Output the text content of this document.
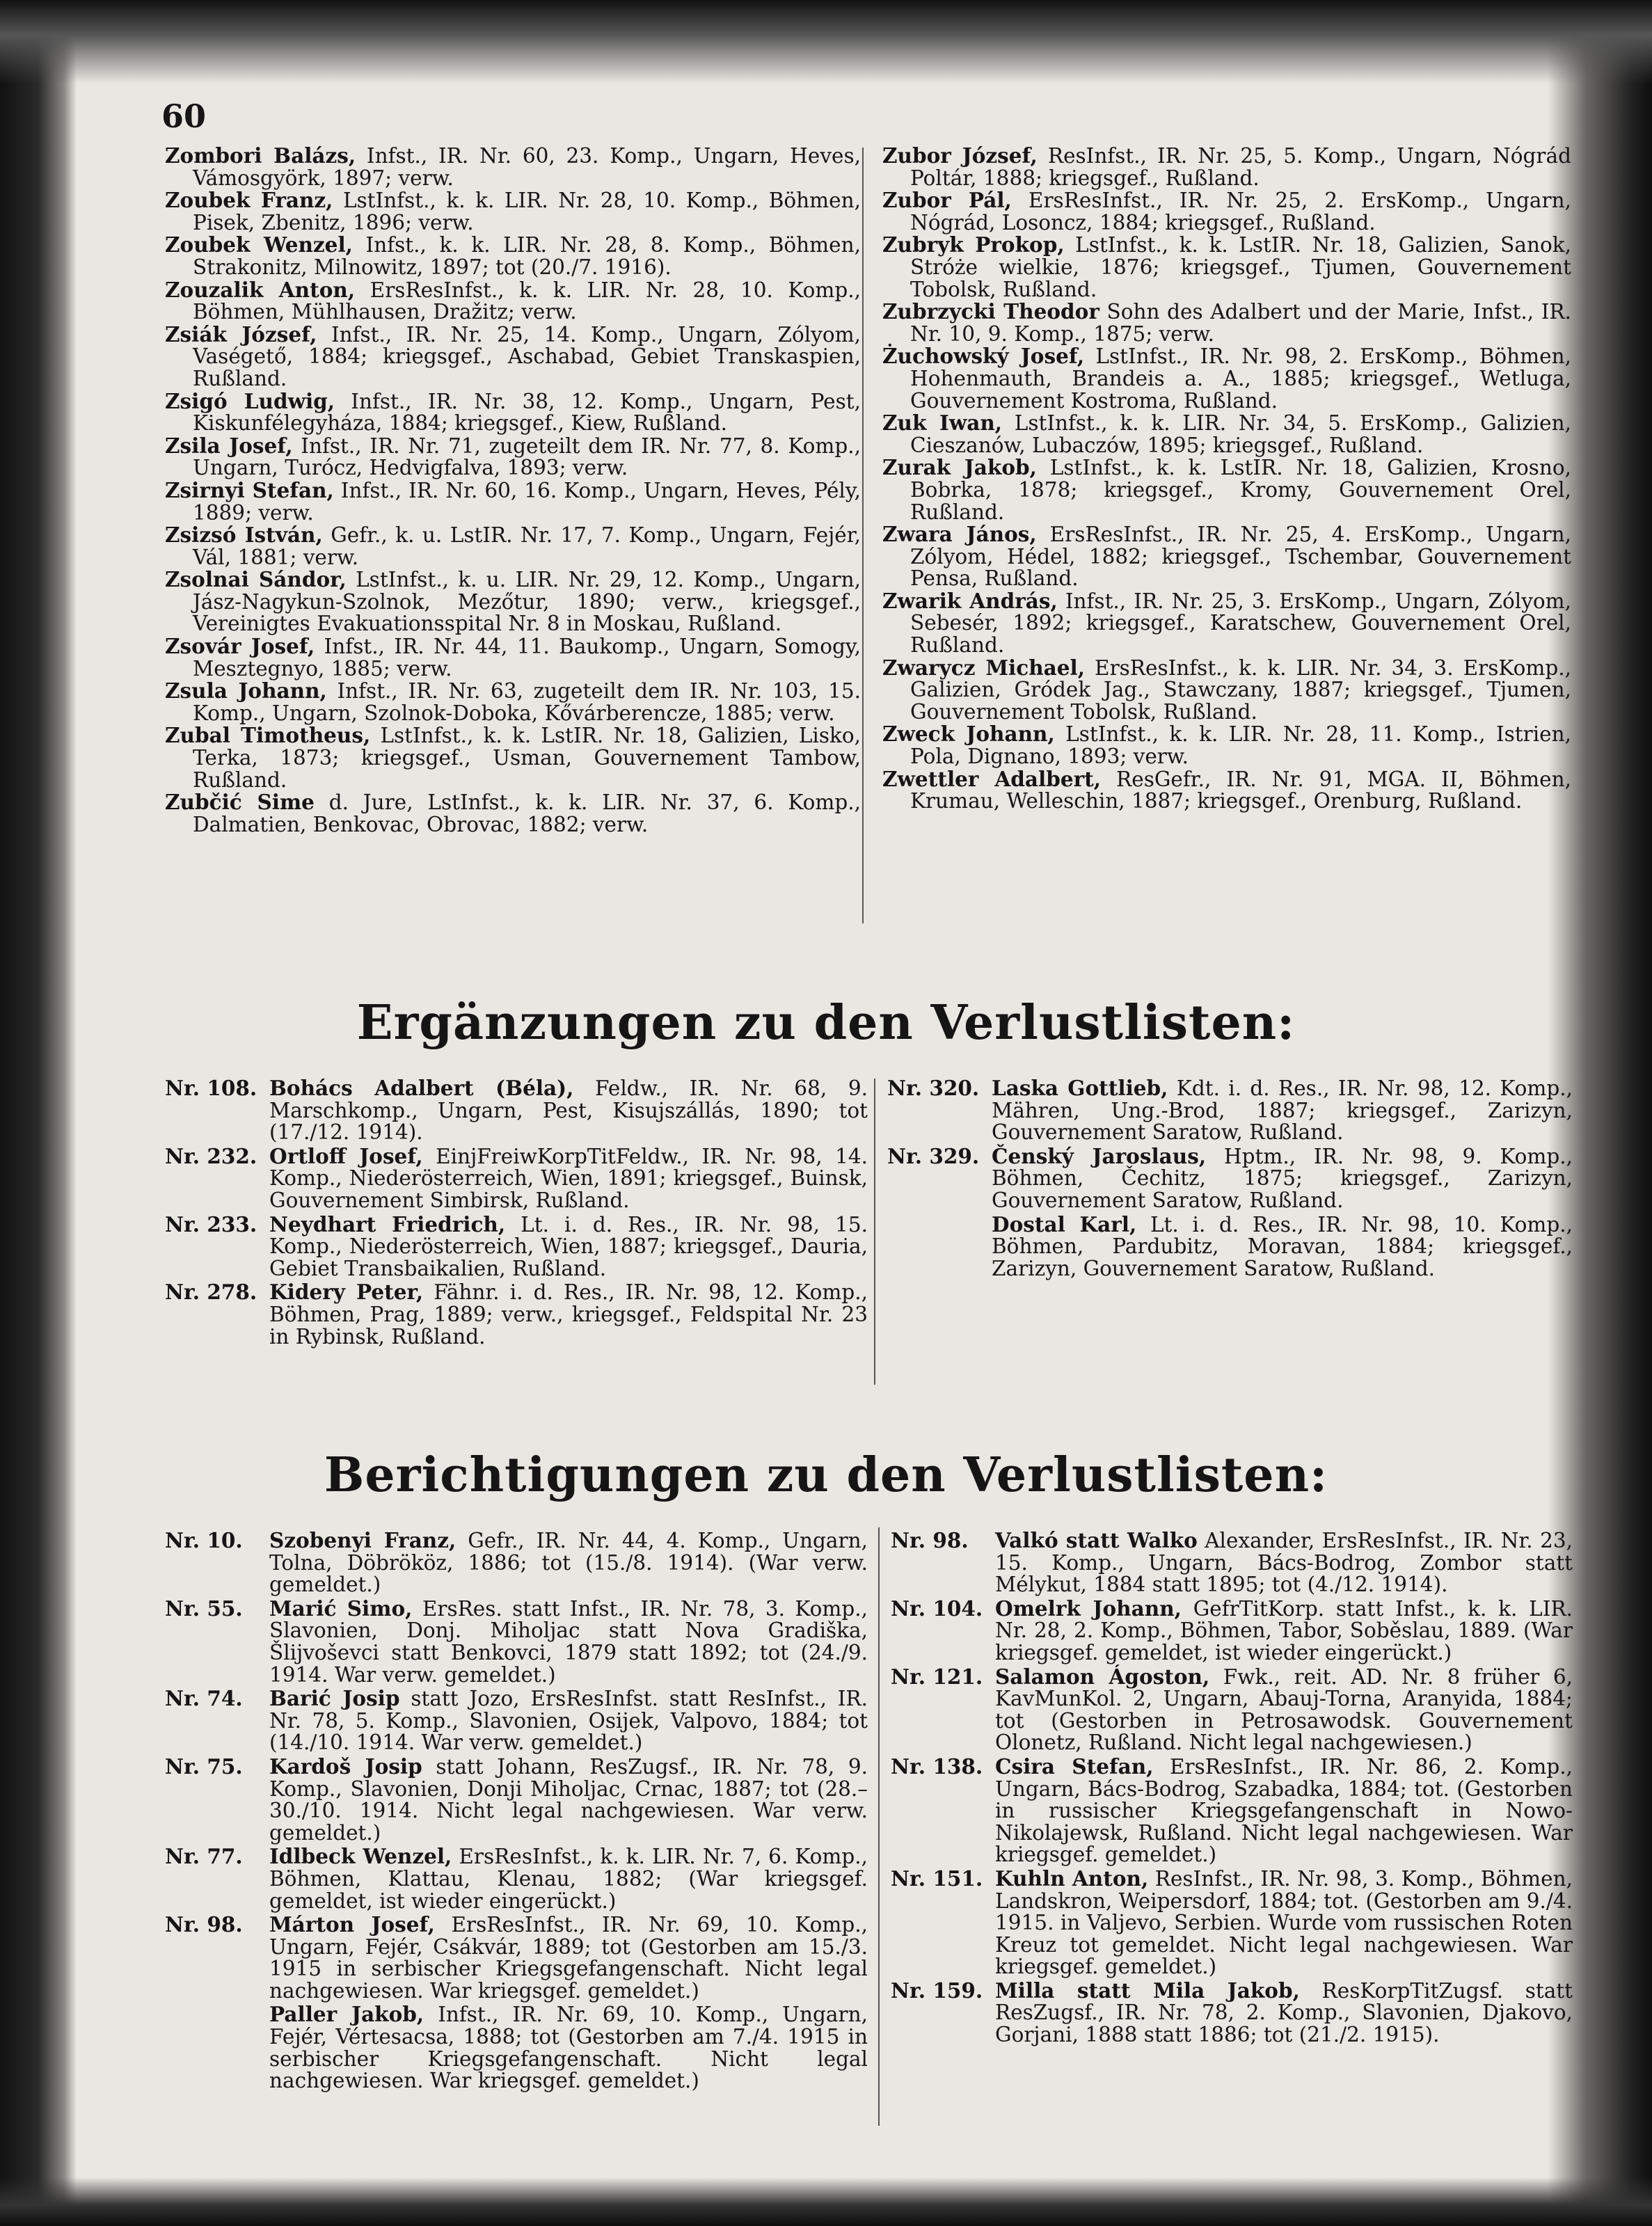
60
Zombori Balázs, Infst., IR. Nr. 60, 23. Komp., Ungarn, Heves, Vámosgyörk, 1897; verw.
Zoubek Franz, LstInfst., k. k. LIR. Nr. 28, 10. Komp., Böhmen, Pisek, Zbenitz, 1896; verw.
Zoubek Wenzel, Infst., k. k. LIR. Nr. 28, 8. Komp., Böhmen, Strakonitz, Milnowitz, 1897; tot (20./7. 1916).
Zouzalik Anton, ErsResInfst., k. k. LIR. Nr. 28, 10. Komp., Böhmen, Mühlhausen, Dražitz; verw.
Zsiák József, Infst., IR. Nr. 25, 14. Komp., Ungarn, Zólyom, Vaségető, 1884; kriegsgef., Aschabad, Gebiet Transkaspien, Rußland.
Zsigó Ludwig, Infst., IR. Nr. 38, 12. Komp., Ungarn, Pest, Kiskunfélegyháza, 1884; kriegsgef., Kiew, Rußland.
Zsila Josef, Infst., IR. Nr. 71, zugeteilt dem IR. Nr. 77, 8. Komp., Ungarn, Turócz, Hedvigfalva, 1893; verw.
Zsirnyi Stefan, Infst., IR. Nr. 60, 16. Komp., Ungarn, Heves, Pély, 1889; verw.
Zsizsó István, Gefr., k. u. LstIR. Nr. 17, 7. Komp., Ungarn, Fejér, Vál, 1881; verw.
Zsolnai Sándor, LstInfst., k. u. LIR. Nr. 29, 12. Komp., Ungarn, Jász-Nagykun-Szolnok, Mezőtur, 1890; verw., kriegsgef., Vereinigtes Evakuationsspital Nr. 8 in Moskau, Rußland.
Zsovár Josef, Infst., IR. Nr. 44, 11. Baukomp., Ungarn, Somogy, Mesztegnyo, 1885; verw.
Zsula Johann, Infst., IR. Nr. 63, zugeteilt dem IR. Nr. 103, 15. Komp., Ungarn, Szolnok-Doboka, Kővárberencze, 1885; verw.
Zubal Timotheus, LstInfst., k. k. LstIR. Nr. 18, Galizien, Lisko, Terka, 1873; kriegsgef., Usman, Gouvernement Tambow, Rußland.
Zubčić Sime d. Jure, LstInfst., k. k. LIR. Nr. 37, 6. Komp., Dalmatien, Benkovac, Obrovac, 1882; verw.
Zubor József, ResInfst., IR. Nr. 25, 5. Komp., Ungarn, Nógrád Poltár, 1888; kriegsgef., Rußland.
Zubor Pál, ErsResInfst., IR. Nr. 25, 2. ErsKomp., Ungarn, Nógrád, Losoncz, 1884; kriegsgef., Rußland.
Zubryk Prokop, LstInfst., k. k. LstIR. Nr. 18, Galizien, Sanok, Stróże wielkie, 1876; kriegsgef., Tjumen, Gouvernement Tobolsk, Rußland.
Zubrzycki Theodor Sohn des Adalbert und der Marie, Infst., IR. Nr. 10, 9. Komp., 1875; verw.
Żuchowský Josef, LstInfst., IR. Nr. 98, 2. ErsKomp., Böhmen, Hohenmauth, Brandeis a. A., 1885; kriegsgef., Wetluga, Gouvernement Kostroma, Rußland.
Zuk Iwan, LstInfst., k. k. LIR. Nr. 34, 5. ErsKomp., Galizien, Cieszanów, Lubaczów, 1895; kriegsgef., Rußland.
Zurak Jakob, LstInfst., k. k. LstIR. Nr. 18, Galizien, Krosno, Bobrka, 1878; kriegsgef., Kromy, Gouvernement Orel, Rußland.
Zwara János, ErsResInfst., IR. Nr. 25, 4. ErsKomp., Ungarn, Zólyom, Hédel, 1882; kriegsgef., Tschembar, Gouvernement Pensa, Rußland.
Zwarik András, Infst., IR. Nr. 25, 3. ErsKomp., Ungarn, Zólyom, Sebesér, 1892; kriegsgef., Karatschew, Gouvernement Orel, Rußland.
Zwarycz Michael, ErsResInfst., k. k. LIR. Nr. 34, 3. ErsKomp., Galizien, Gródek Jag., Stawczany, 1887; kriegsgef., Tjumen, Gouvernement Tobolsk, Rußland.
Zweck Johann, LstInfst., k. k. LIR. Nr. 28, 11. Komp., Istrien, Pola, Dignano, 1893; verw.
Zwettler Adalbert, ResGefr., IR. Nr. 91, MGA. II, Böhmen, Krumau, Welleschin, 1887; kriegsgef., Orenburg, Rußland.
Ergänzungen zu den Verlustlisten:
Nr. 108. Bohács Adalbert (Béla), Feldw., IR. Nr. 68, 9. Marschkomp., Ungarn, Pest, Kisujszállás, 1890; tot (17./12. 1914).
Nr. 232. Ortloff Josef, EinjFreiwKorpTitFeldw., IR. Nr. 98, 14. Komp., Niederösterreich, Wien, 1891; kriegsgef., Buinsk, Gouvernement Simbirsk, Rußland.
Nr. 233. Neydhart Friedrich, Lt. i. d. Res., IR. Nr. 98, 15. Komp., Niederösterreich, Wien, 1887; kriegsgef., Dauria, Gebiet Transbaikalien, Rußland.
Nr. 278. Kidery Peter, Fähnr. i. d. Res., IR. Nr. 98, 12. Komp., Böhmen, Prag, 1889; verw., kriegsgef., Feldspital Nr. 23 in Rybinsk, Rußland.
Nr. 320. Laska Gottlieb, Kdt. i. d. Res., IR. Nr. 98, 12. Komp., Mähren, Ung.-Brod, 1887; kriegsgef., Zarizyn, Gouvernement Saratow, Rußland.
Nr. 329. Čenský Jaroslaus, Hptm., IR. Nr. 98, 9. Komp., Böhmen, Čechitz, 1875; kriegsgef., Zarizyn, Gouvernement Saratow, Rußland.
Dostal Karl, Lt. i. d. Res., IR. Nr. 98, 10. Komp., Böhmen, Pardubitz, Moravan, 1884; kriegsgef., Zarizyn, Gouvernement Saratow, Rußland.
Berichtigungen zu den Verlustlisten:
Nr. 10.	Szobenyi Franz, Gefr., IR. Nr. 44, 4. Komp., Ungarn, Tolna, Döbrököz, 1886; tot (15./8. 1914). (War verw. gemeldet.)
Nr. 55.	Marić Simo, ErsRes. statt Infst., IR. Nr. 78, 3. Komp., Slavonien, Donj. Miholjac statt Nova Gradiška, Šlijvoševci statt Benkovci, 1879 statt 1892; tot (24./9. 1914. War verw. gemeldet.)
Nr. 74.	Barić Josip statt Jozo, ErsResInfst. statt ResInfst., IR. Nr. 78, 5. Komp., Slavonien, Osijek, Valpovo, 1884; tot (14./10. 1914. War verw. gemeldet.)
Nr. 75.	Kardoš Josip statt Johann, ResZugsf., IR. Nr. 78, 9. Komp., Slavonien, Donji Miholjac, Crnac, 1887; tot (28.–30./10. 1914. Nicht legal nachgewiesen. War verw. gemeldet.)
Nr. 77.	Idlbeck Wenzel, ErsResInfst., k. k. LIR. Nr. 7, 6. Komp., Böhmen, Klattau, Klenau, 1882; (War kriegsgef. gemeldet, ist wieder eingerückt.)
Nr. 98.	Márton Josef, ErsResInfst., IR. Nr. 69, 10. Komp., Ungarn, Fejér, Csákvár, 1889; tot (Gestorben am 15./3. 1915 in serbischer Kriegsgefangenschaft. Nicht legal nachgewiesen. War kriegsgef. gemeldet.)
Paller Jakob, Infst., IR. Nr. 69, 10. Komp., Ungarn, Fejér, Vértesacsa, 1888; tot (Gestorben am 7./4. 1915 in serbischer Kriegsgefangenschaft. Nicht legal nachgewiesen. War kriegsgef. gemeldet.)
Nr. 98.	Valkó statt Walko Alexander, ErsResInfst., IR. Nr. 23, 15. Komp., Ungarn, Bács-Bodrog, Zombor statt Mélykut, 1884 statt 1895; tot (4./12. 1914).
Nr. 104. Omelrk Johann, GefrTitKorp. statt Infst., k. k. LIR. Nr. 28, 2. Komp., Böhmen, Tabor, Soběslau, 1889. (War kriegsgef. gemeldet, ist wieder eingerückt.)
Nr. 121. Salamon Ágoston, Fwk., reit. AD. Nr. 8 früher 6, KavMunKol. 2, Ungarn, Abauj-Torna, Aranyida, 1884; tot (Gestorben in Petrosawodsk. Gouvernement Olonetz, Rußland. Nicht legal nachgewiesen.)
Nr. 138. Csira Stefan, ErsResInfst., IR. Nr. 86, 2. Komp., Ungarn, Bács-Bodrog, Szabadka, 1884; tot. (Gestorben in russischer Kriegsgefangenschaft in Nowo-Nikolajewsk, Rußland. Nicht legal nachgewiesen. War kriegsgef. gemeldet.)
Nr. 151. Kuhln Anton, ResInfst., IR. Nr. 98, 3. Komp., Böhmen, Landskron, Weipersdorf, 1884; tot. (Gestorben am 9./4. 1915. in Valjevo, Serbien. Wurde vom russischen Roten Kreuz tot gemeldet. Nicht legal nachgewiesen. War kriegsgef. gemeldet.)
Nr. 159. Milla statt Mila Jakob, ResKorpTitZugsf. statt ResZugsf., IR. Nr. 78, 2. Komp., Slavonien, Djakovo, Gorjani, 1888 statt 1886; tot (21./2. 1915).
